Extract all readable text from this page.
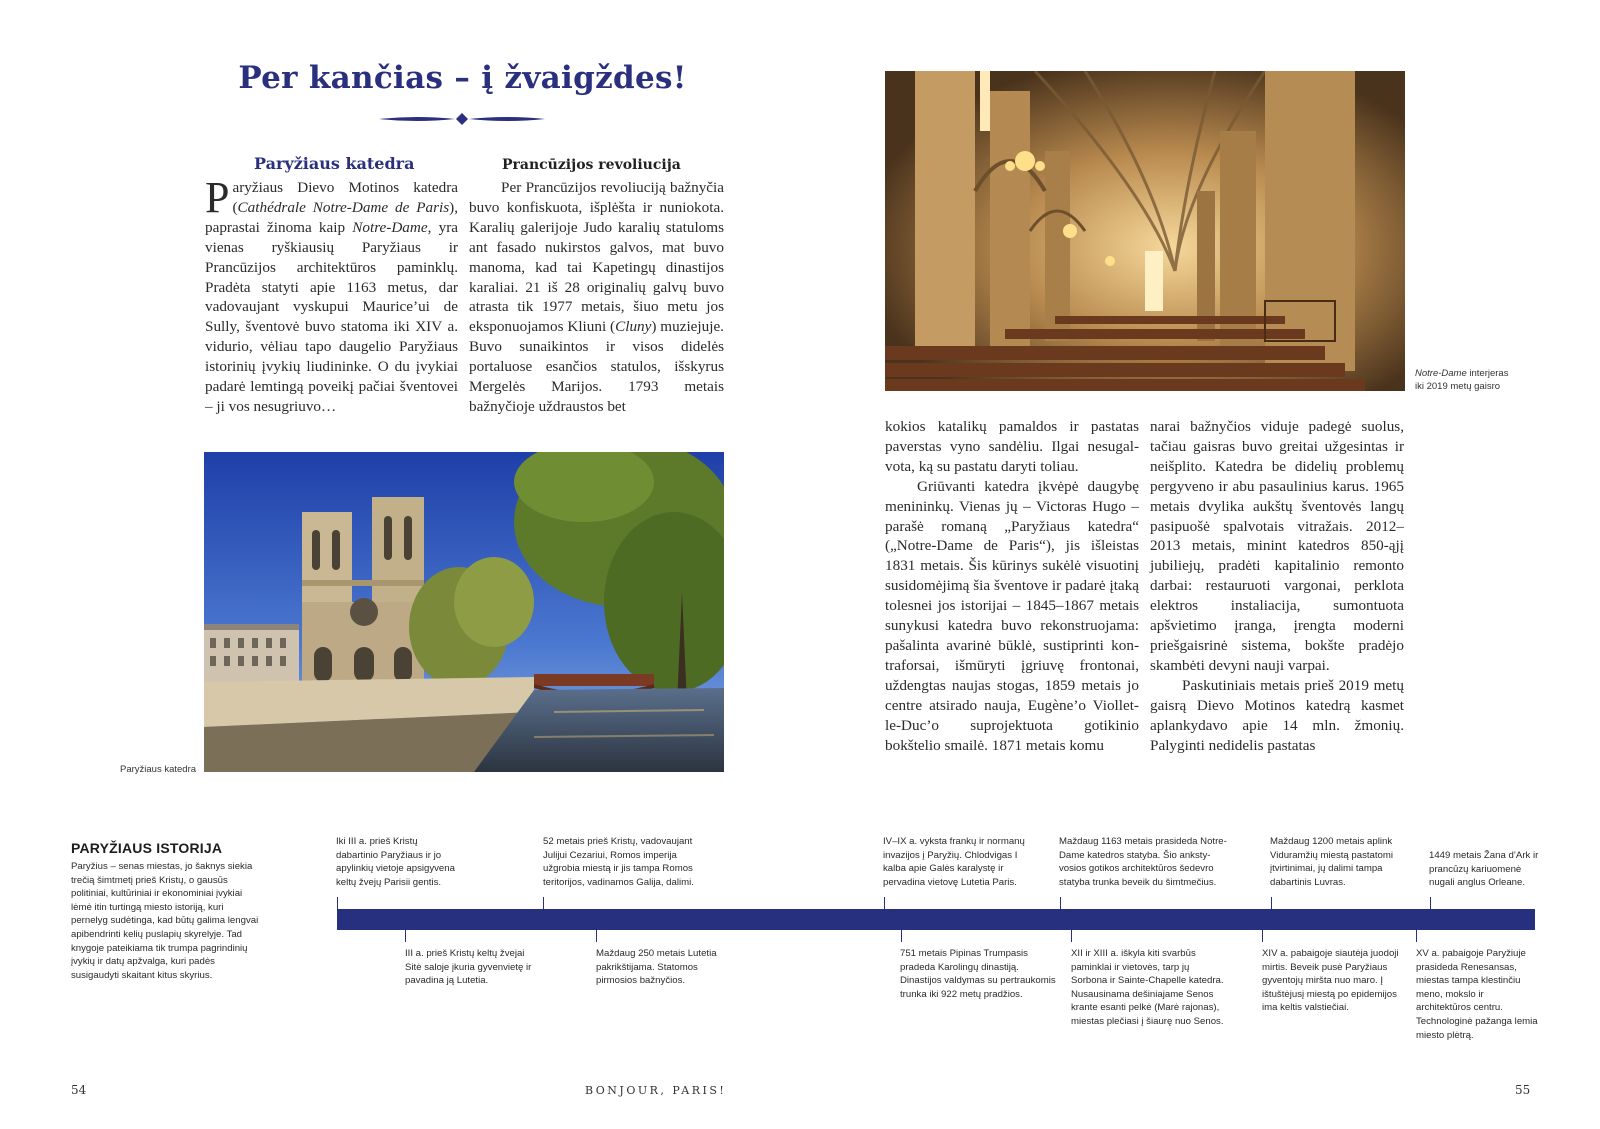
Per kančias – į žvaigždes!
Paryžiaus katedra
P aryžiaus Dievo Motinos katedra (Cathédrale Notre-Dame de Paris), paprastai žinoma kaip Notre-Dame, yra vienas ryškiausių Paryžiaus ir Prancūzijos architektūros paminklų. Pradėta statyti apie 1163 metus, dar vadovaujant vyskupui Maurice’ui de Sully, šventovė buvo statoma iki XIV a. vidurio, vėliau tapo daugelio Paryžiaus istorinių įvykių liudininke. O du įvykiai padarė lemtingą poveikį pačiai šventovei – ji vos nesugriuvo…
Prancūzijos revoliucija

Per Prancūzijos revoliuciją bažnyčia buvo konfiskuota, išplėšta ir nuniokota. Karalių galerijoje Judo karalių statuloms ant fasado nukirstos galvos, mat buvo manoma, kad tai Kapetingų dinastijos karaliai. 21 iš 28 originalių galvų buvo atrasta tik 1977 metais, šiuo metu jos eksponuojamos Kliuni (Cluny) muziejuje. Buvo sunaikintos ir visos didelės portaluose esančios statulos, išskyrus Mergelės Marijos. 1793 metais bažnyčioje uždraustos bet

Paryžiaus katedra
Notre-Dame interjeras
iki 2019 metų gaisro

kokios katalikų pamaldos ir pastatas paverstas vyno sandėliu. Ilgai nesugalvota, ką su pastatu daryti toliau.

Griūvanti katedra įkvėpė daugybę menininkų. Vienas jų – Victoras Hugo – parašė romaną „Paryžiaus katedra“ („Notre-Dame de Paris“), jis išleistas 1831 metais. Šis kūrinys sukėlė visuotinį susidomėjimą šia šventove ir padarė įtaką tolesnei jos istorijai – 1845–1867 metais sunykusi katedra buvo rekonstruojama: pašalinta avarinė būklė, sustiprinti kontraforsai, išmūryti įgriuvę frontonai, uždengtas naujas stogas, 1859 metais jo centre atsirado nauja, Eugène’o Viollet-le-Duc’o suprojektuota gotikinio bokštelio smailė. 1871 metais komu

narai bažnyčios viduje padegė suolus, tačiau gaisras buvo greitai užgesintas ir neišplito. Katedra be didelių problemų pergyveno ir abu pasaulinius karus. 1965 metais dvylika aukštų šventovės langų pasipuošė spalvotais vitražais. 2012–2013 metais, minint katedros 850-ąjį jubiliejų, pradėti kapitalinio remonto darbai: restauruoti vargonai, perklota elektros instaliacija, sumontuota apšvietimo įranga, įrengta moderni priešgaisrinė sistema, bokšte pradėjo skambėti devyni nauji varpai.

Paskutiniais metais prieš 2019 metų gaisrą Dievo Motinos katedrą kasmet aplankydavo apie 14 mln. žmonių. Palyginti nedidelis pastatas

PARYŽIAUS ISTORIJA
Paryžius – senas miestas, jo šaknys siekia trečią šimtmetį prieš Kristų, o gausūs politiniai, kultūriniai ir ekonominiai įvykiai lėmė itin turtingą miesto istoriją, kuri pernelyg sudėtinga, kad būtų galima lengvai apibendrinti kelių puslapių skyrelyje. Tad knygoje pateikiama tik trumpa pagrindinių įvykių ir datų apžvalga, kuri padės susigaudyti skaitant kitus skyrius.
Iki III a. prieš Kristų dabartinio Paryžiaus ir jo apylinkių vietoje apsigyvena keltų žvejų Parisii gentis.
52 metais prieš Kristų, vadovaujant Julijui Cezariui, Romos imperija užgrobia miestą ir jis tampa Romos teritorijos, vadinamos Galija, dalimi.
IV–IX a. vyksta frankų ir normanų invazijos į Paryžių. Chlodvigas I kalba apie Galės karalystę ir pervadina vietovę Lutetia Paris.
Maždaug 1163 metais prasideda Notre-Dame katedros statyba. Šio ankstyvosios gotikos architektūros šedevro statyba trunka beveik du šimtmečius.
Maždaug 1200 metais aplink Viduramžių miestą pastatomi įtvirtinimai, jų dalimi tampa dabartinis Luvras.
1449 metais Žana d’Ark ir prancūzų kariuomenė nugali anglus Orleane.
III a. prieš Kristų keltų žvejai Sitė saloje įkuria gyvenvietę ir pavadina ją Lutetia.
Maždaug 250 metais Lutetia pakrikštijama. Statomos pirmosios bažnyčios.
751 metais Pipinas Trumpasis pradeda Karolingų dinastiją. Dinastijos valdymas su pertraukomis trunka iki 922 metų pradžios.
XII ir XIII a. iškyla kiti svarbūs paminklai ir vietovės, tarp jų Sorbona ir Sainte-Chapelle katedra. Nusausinama dešiniajame Senos krante esanti pelkė (Marė rajonas), miestas plečiasi į šiaurę nuo Senos.
XIV a. pabaigoje siautėja juodoji mirtis. Beveik pusė Paryžiaus gyventojų miršta nuo maro. Į ištuštėjusį miestą po epidemijos ima keltis valstiečiai.
XV a. pabaigoje Paryžiuje prasideda Renesansas, miestas tampa klestinčiu meno, mokslo ir architektūros centru. Technologinė pažanga lemia miesto plėtrą.
54	BONJOUR, PARIS!	55
